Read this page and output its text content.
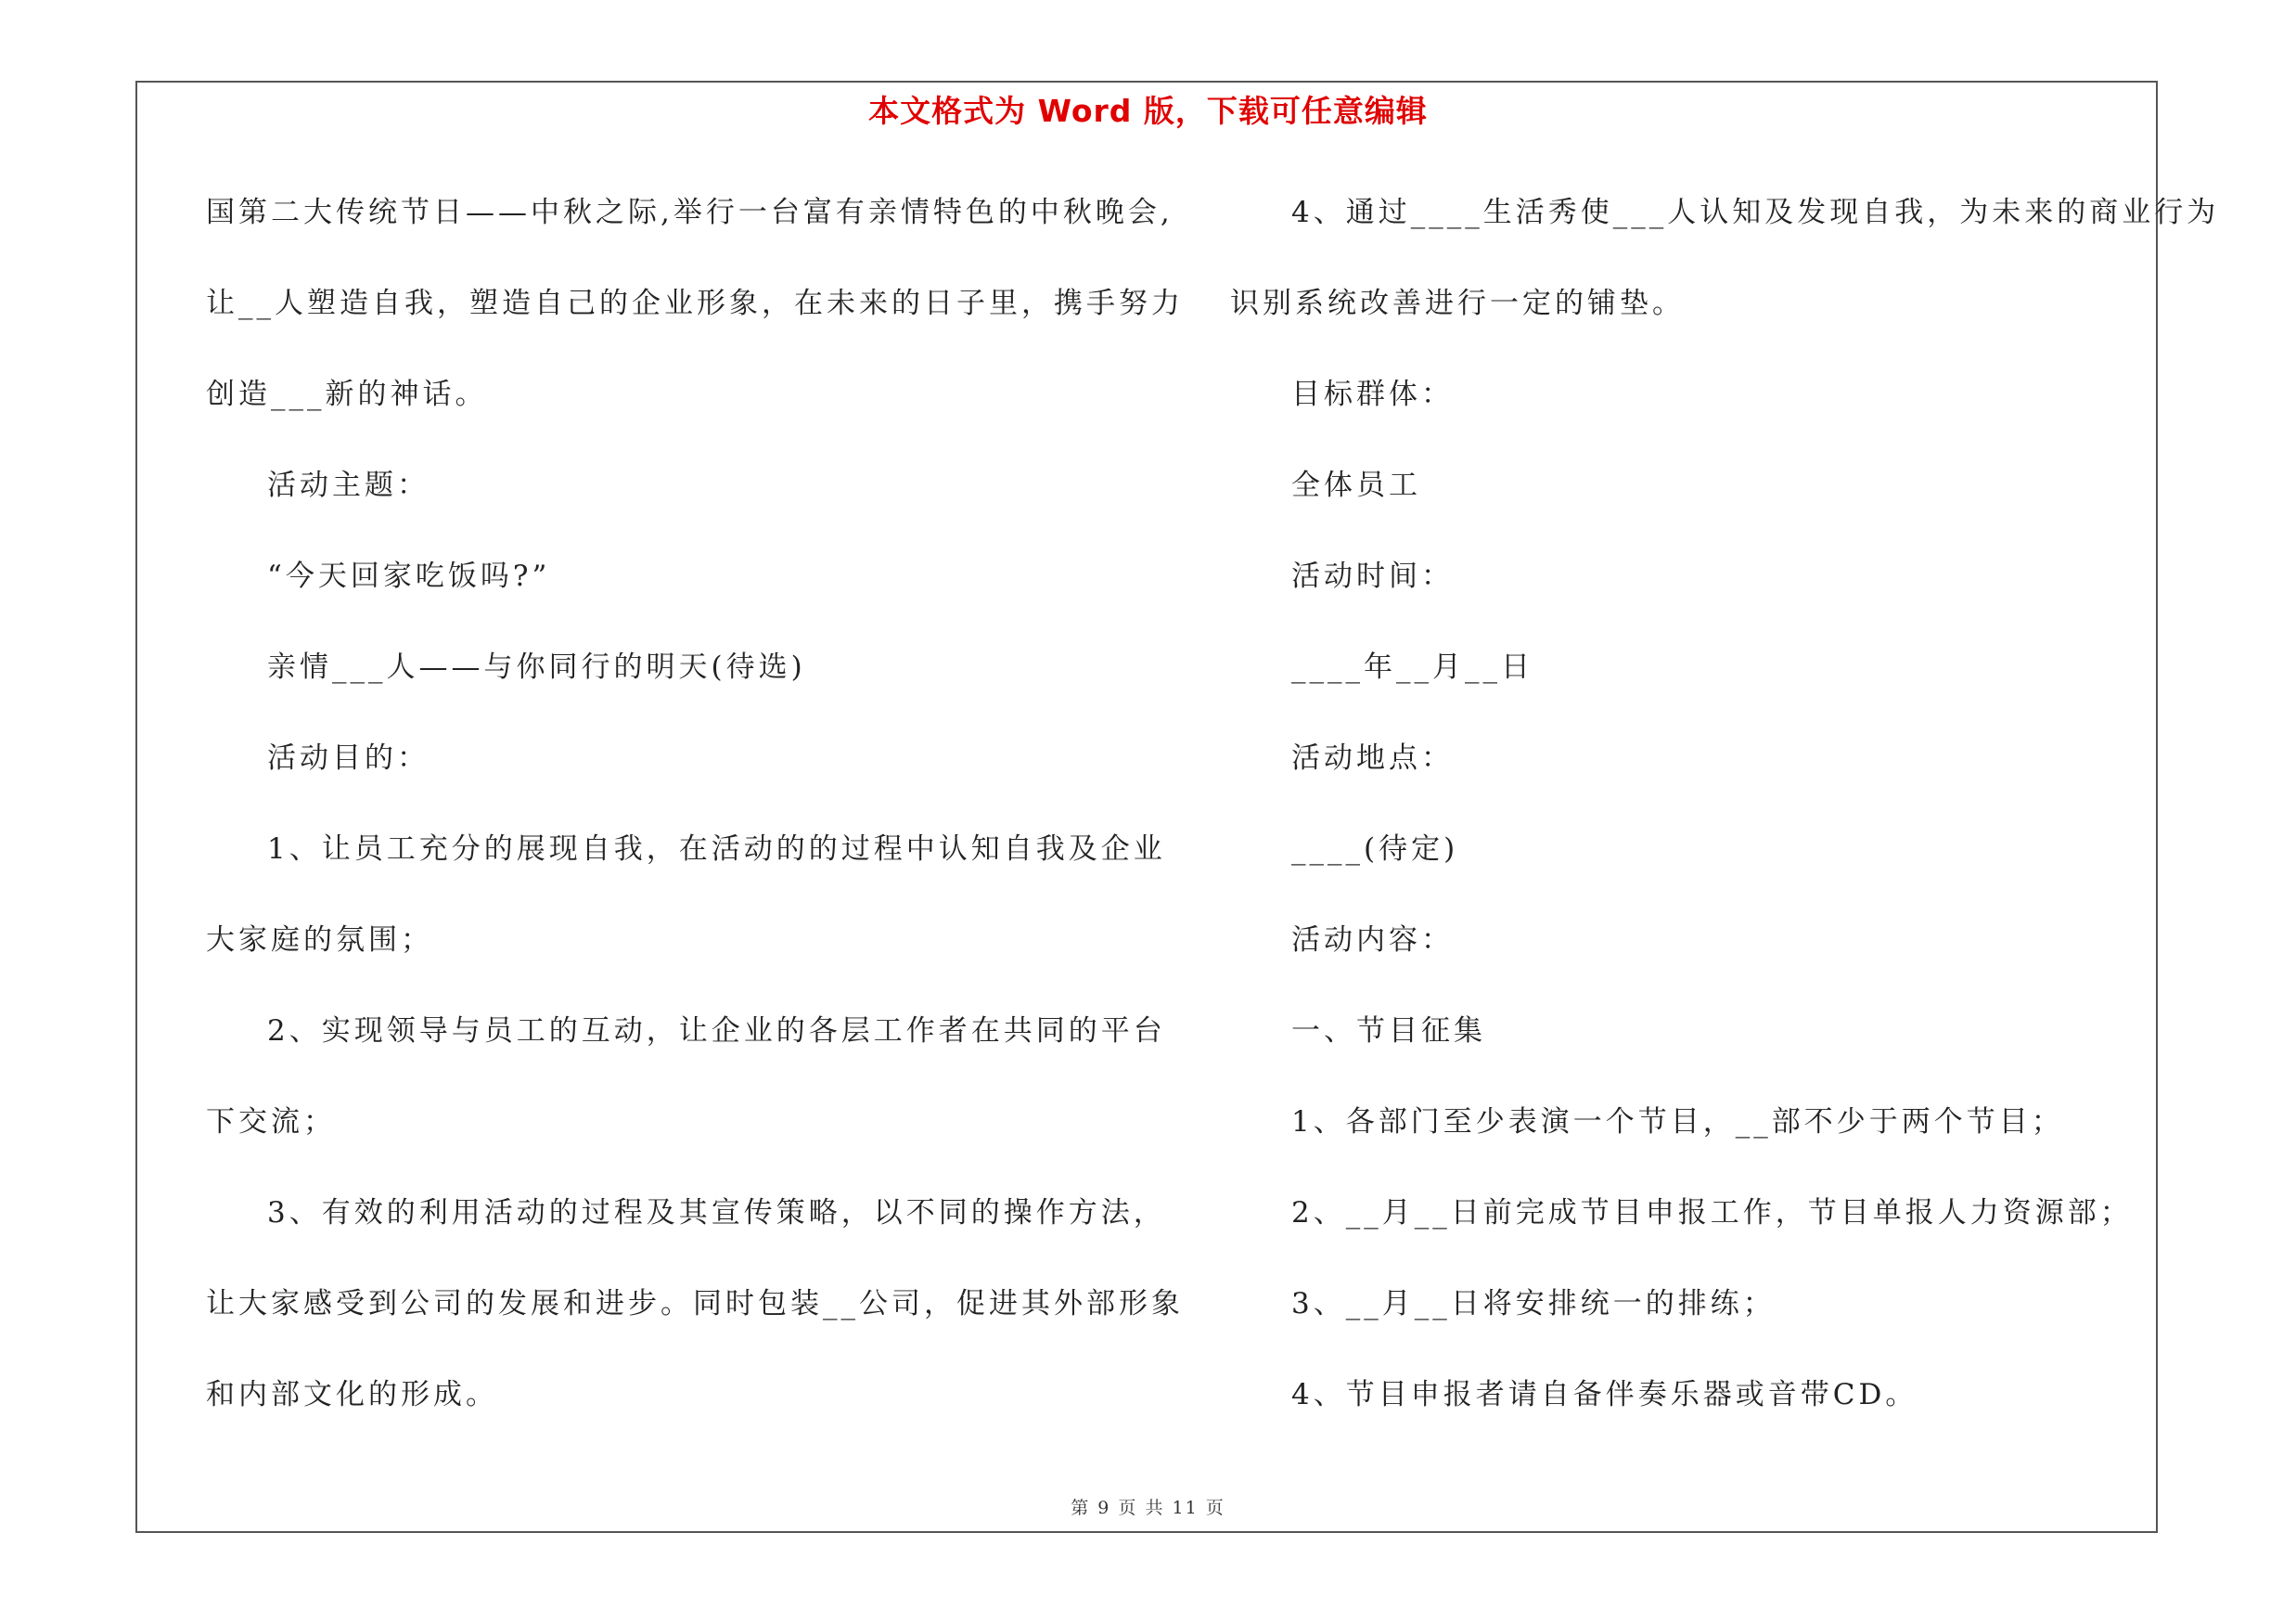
本文格式为 Word 版，下载可任意编辑
国第二大传统节日——中秋之际,举行一台富有亲情特色的中秋晚会,
让__人塑造自我，塑造自己的企业形象，在未来的日子里，携手努力
创造___新的神话。
活动主题：
“今天回家吃饭吗?”
亲情___人——与你同行的明天(待选)
活动目的：
1、让员工充分的展现自我，在活动的的过程中认知自我及企业
大家庭的氛围；
2、实现领导与员工的互动，让企业的各层工作者在共同的平台
下交流；
3、有效的利用活动的过程及其宣传策略，以不同的操作方法，
让大家感受到公司的发展和进步。同时包装__公司，促进其外部形象
和内部文化的形成。
4、通过____生活秀使___人认知及发现自我，为未来的商业行为
识别系统改善进行一定的铺垫。
目标群体：
全体员工
活动时间：
____年__月__日
活动地点：
____(待定)
活动内容：
一、节目征集
1、各部门至少表演一个节目，__部不少于两个节目；
2、__月__日前完成节目申报工作，节目单报人力资源部；
3、__月__日将安排统一的排练；
4、节目申报者请自备伴奏乐器或音带CD。
第 9 页 共 11 页
